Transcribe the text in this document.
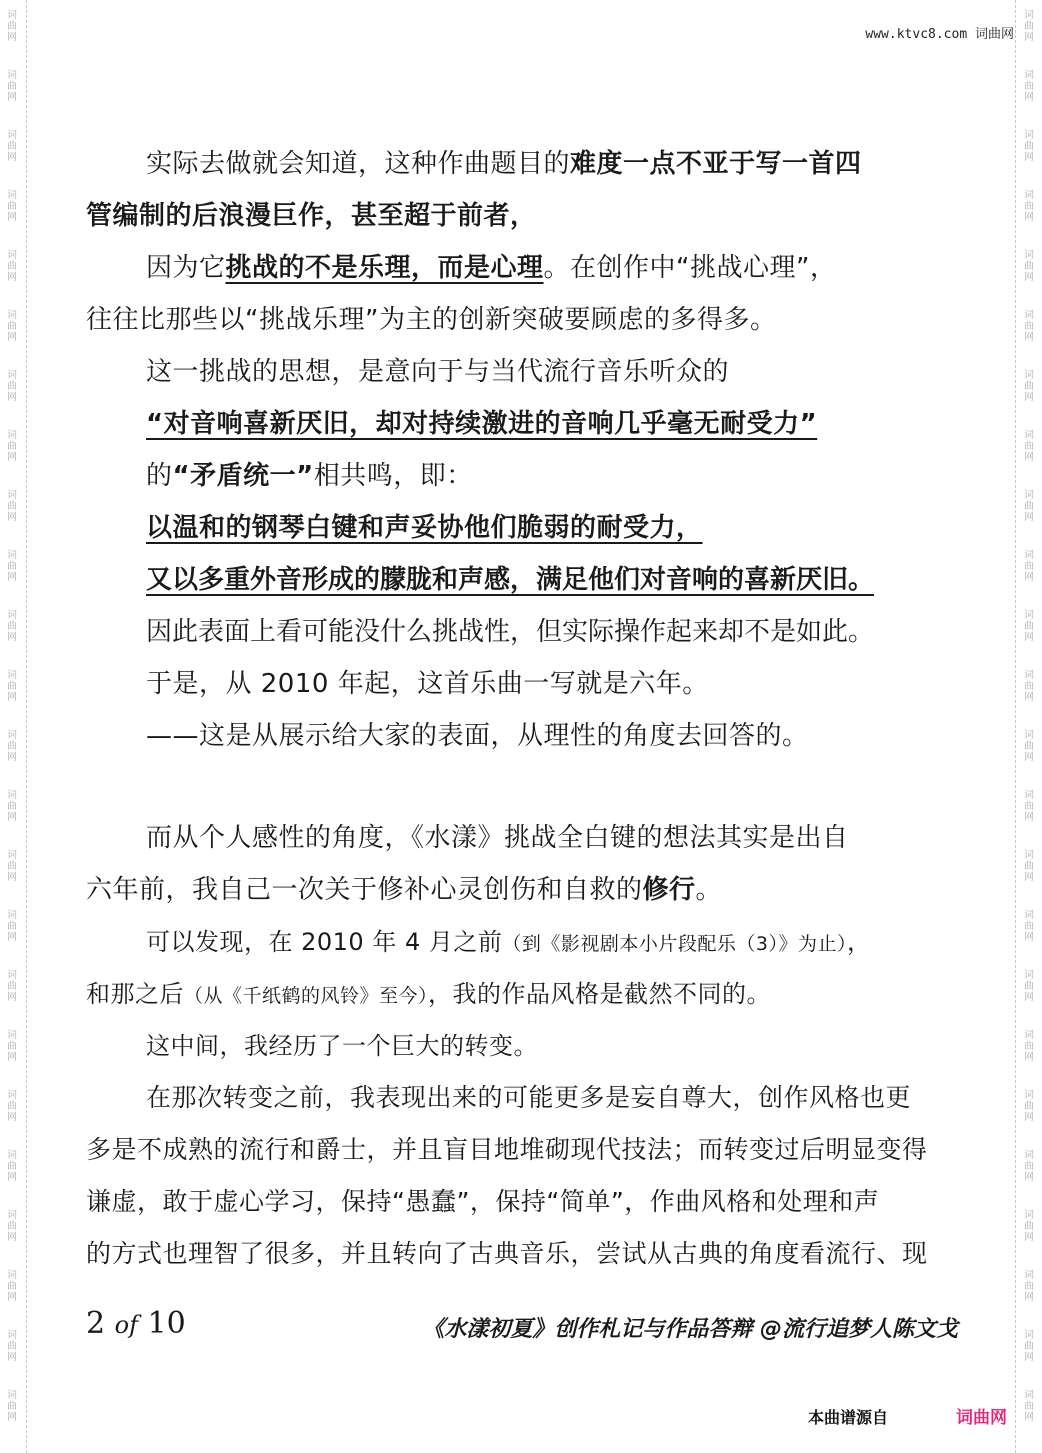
www.ktvc8.com 词曲网
实际去做就会知道，这种作曲题目的难度一点不亚于写一首四
管编制的后浪漫巨作，甚至超于前者，
因为它挑战的不是乐理，而是心理。在创作中“挑战心理”，
往往比那些以“挑战乐理”为主的创新突破要顾虑的多得多。
这一挑战的思想，是意向于与当代流行音乐听众的
“对音响喜新厌旧，却对持续激进的音响几乎毫无耐受力”
的“矛盾统一”相共鸣，即：
以温和的钢琴白键和声妥协他们脆弱的耐受力，
又以多重外音形成的朦胧和声感，满足他们对音响的喜新厌旧。
因此表面上看可能没什么挑战性，但实际操作起来却不是如此。
于是，从 2010 年起，这首乐曲一写就是六年。
——这是从展示给大家的表面，从理性的角度去回答的。
而从个人感性的角度，《水漾》挑战全白键的想法其实是出自
六年前，我自己一次关于修补心灵创伤和自救的修行。
可以发现，在 2010 年 4 月之前（到《影视剧本小片段配乐（3）》为止），
和那之后（从《千纸鹤的风铃》至今），我的作品风格是截然不同的。
这中间，我经历了一个巨大的转变。
在那次转变之前，我表现出来的可能更多是妄自尊大，创作风格也更
多是不成熟的流行和爵士，并且盲目地堆砌现代技法；而转变过后明显变得
谦虚，敢于虚心学习，保持“愚蠢”，保持“简单”，作曲风格和处理和声
的方式也理智了很多，并且转向了古典音乐，尝试从古典的角度看流行、现
2 of 10	《水漾初夏》创作札记与作品答辩 @流行追梦人陈文戈
本曲谱源自	词曲网
词
曲
网
词
曲
网
词
曲
网
词
曲
网
词
曲
网
词
曲
网
词
曲
网
词
曲
网
词
曲
网
词
曲
网
词
曲
网
词
曲
网
词
曲
网
词
曲
网
词
曲
网
词
曲
网
词
曲
网
词
曲
网
词
曲
网
词
曲
网
词
曲
网
词
曲
网
词
曲
网
词
曲
网
词
曲
网
词
曲
网
词
曲
网
词
曲
网
词
曲
网
词
曲
网
词
曲
网
词
曲
网
词
曲
网
词
曲
网
词
曲
网
词
曲
网
词
曲
网
词
曲
网
词
曲
网
词
曲
网
词
曲
网
词
曲
网
词
曲
网
词
曲
网
词
曲
网
词
曲
网
词
曲
网
词
曲
网
